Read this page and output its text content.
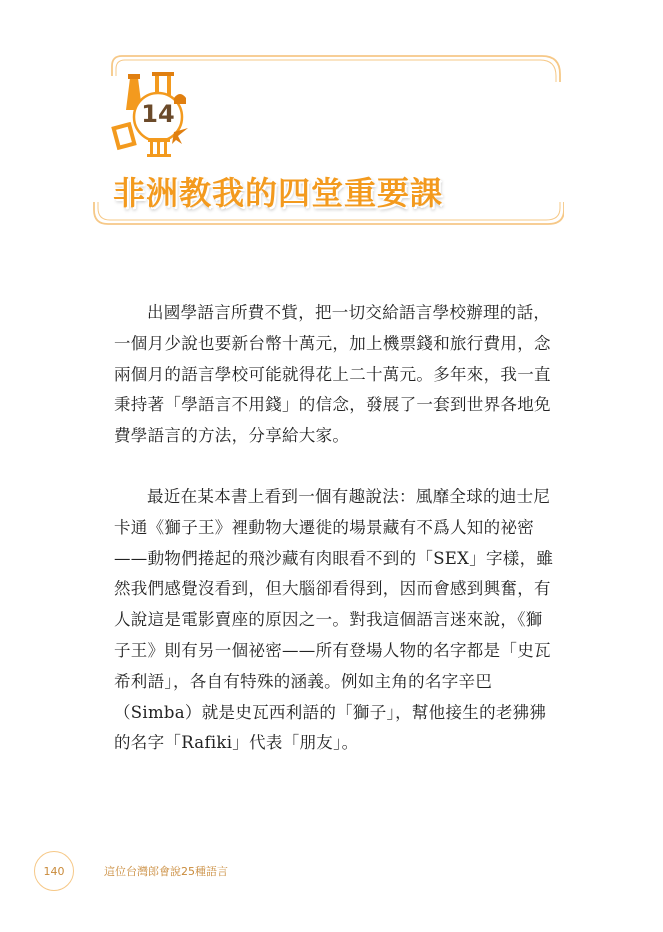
14
非洲教我的四堂重要課

出國學語言所費不貲，把一切交給語言學校辦理的話，一個月少說也要新台幣十萬元，加上機票錢和旅行費用，念兩個月的語言學校可能就得花上二十萬元。多年來，我一直秉持著「學語言不用錢」的信念，發展了一套到世界各地免費學語言的方法，分享給大家。

最近在某本書上看到一個有趣說法：風靡全球的迪士尼卡通《獅子王》裡動物大遷徙的場景藏有不爲人知的祕密——動物們捲起的飛沙藏有肉眼看不到的「SEX」字樣，雖然我們感覺沒看到，但大腦卻看得到，因而會感到興奮，有人說這是電影賣座的原因之一。對我這個語言迷來說，《獅子王》則有另一個祕密——所有登場人物的名字都是「史瓦希利語」，各自有特殊的涵義。例如主角的名字辛巴（Simba）就是史瓦西利語的「獅子」，幫他接生的老狒狒的名字「Rafiki」代表「朋友」。

140	這位台灣郎會說25種語言
